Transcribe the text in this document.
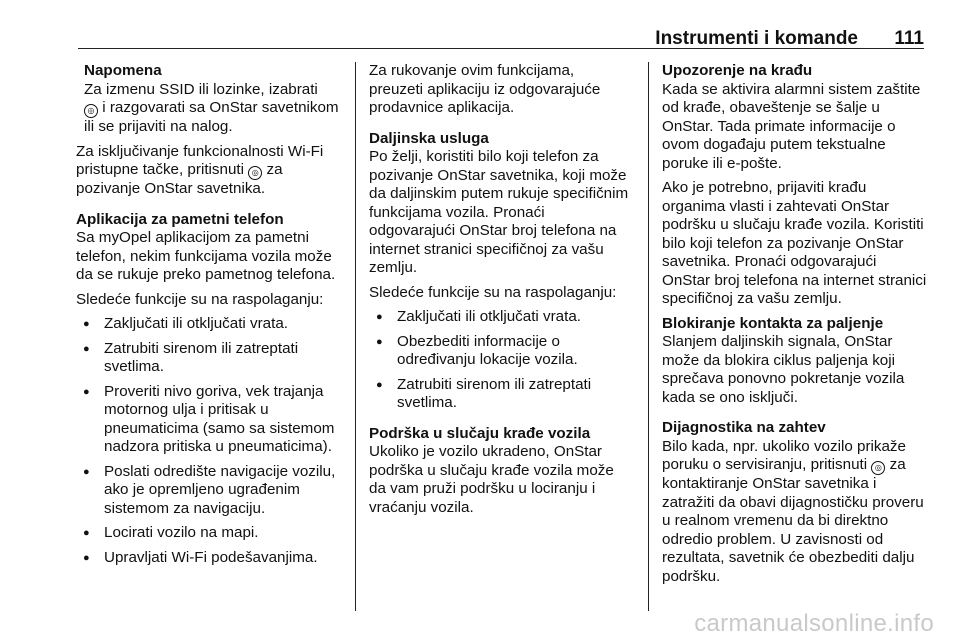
Instrumenti i komande 111
Napomena

Za izmenu SSID ili lozinke, izabrati
◎ i razgovarati sa OnStar savetnikom ili se prijaviti na nalog.

Za isključivanje funkcionalnosti Wi-Fi pristupne tačke, pritisnuti ◎ za pozivanje OnStar savetnika.

Aplikacija za pametni telefon

Sa myOpel aplikacijom za pametni telefon, nekim funkcijama vozila može da se rukuje preko pametnog telefona.

Sledeće funkcije su na raspolaganju:

● Zaključati ili otključati vrata.
● Zatrubiti sirenom ili zatreptati svetlima.
● Proveriti nivo goriva, vek trajanja motornog ulja i pritisak u pneumaticima (samo sa sistemom nadzora pritiska u pneumaticima).
● Poslati odredište navigacije vozilu, ako je opremljeno ugrađenim sistemom za navigaciju.
● Locirati vozilo na mapi.
● Upravljati Wi-Fi podešavanjima.

Za rukovanje ovim funkcijama, preuzeti aplikaciju iz odgovarajuće prodavnice aplikacija.

Daljinska usluga

Po želji, koristiti bilo koji telefon za pozivanje OnStar savetnika, koji može da daljinskim putem rukuje specifičnim funkcijama vozila. Pronaći odgovarajući OnStar broj telefona na internet stranici specifičnoj za vašu zemlju.

Sledeće funkcije su na raspolaganju:

● Zaključati ili otključati vrata.
● Obezbediti informacije o određivanju lokacije vozila.
● Zatrubiti sirenom ili zatreptati svetlima.
Podrška u slučaju krađe vozila

Ukoliko je vozilo ukradeno, OnStar podrška u slučaju krađe vozila može da vam pruži podršku u lociranju i vraćanju vozila.

Upozorenje na krađu

Kada se aktivira alarmni sistem zaštite od krađe, obaveštenje se šalje u OnStar. Tada primate informacije o ovom događaju putem tekstualne poruke ili e-pošte.

Ako je potrebno, prijaviti krađu organima vlasti i zahtevati OnStar podršku u slučaju krađe vozila. Koristiti bilo koji telefon za pozivanje OnStar savetnika. Pronaći odgovarajući OnStar broj telefona na internet stranici specifičnoj za vašu zemlju.

Blokiranje kontakta za paljenje

Slanjem daljinskih signala, OnStar može da blokira ciklus paljenja koji sprečava ponovno pokretanje vozila kada se ono isključi.

Dijagnostika na zahtev

Bilo kada, npr. ukoliko vozilo prikaže poruku o servisiranju, pritisnuti ◎ za kontaktiranje OnStar savetnika i zatražiti da obavi dijagnostičku proveru u realnom vremenu da bi direktno odredio problem. U zavisnosti od rezultata, savetnik će obezbediti dalju podršku.

carmanualsonline.info
